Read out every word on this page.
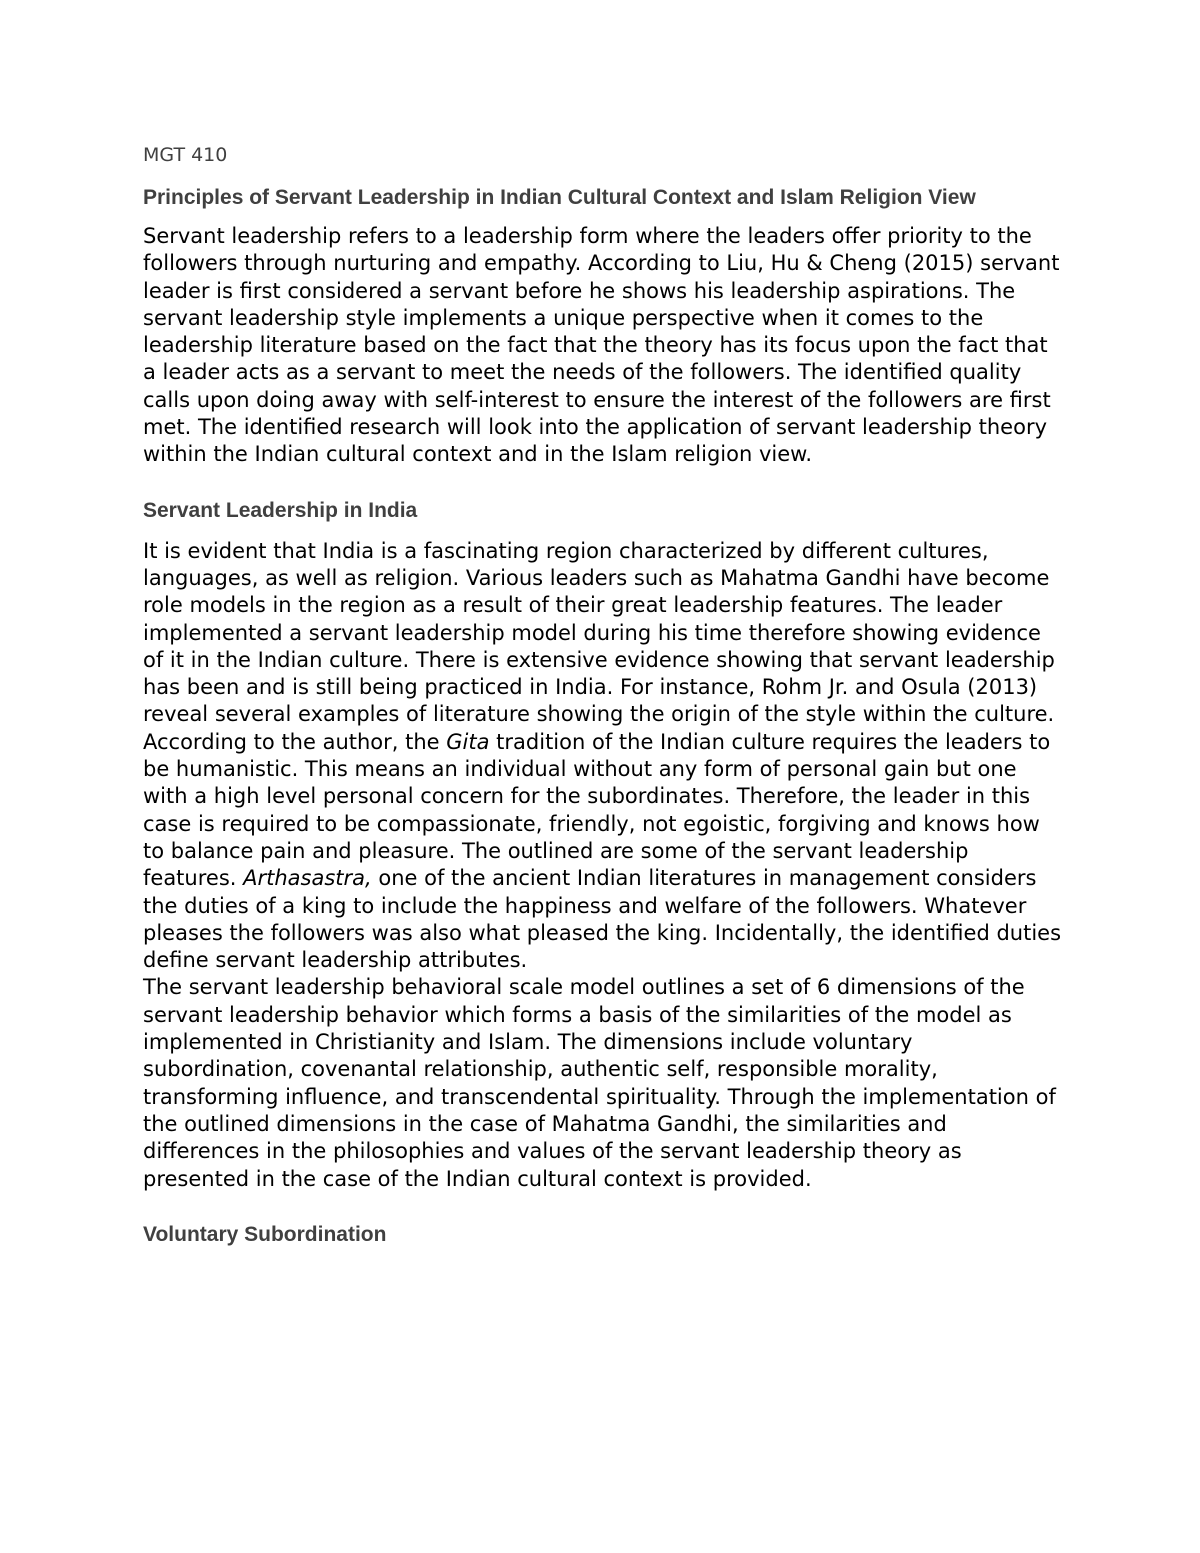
MGT 410

Principles of Servant Leadership in Indian Cultural Context and Islam Religion View

Servant leadership refers to a leadership form where the leaders offer priority to the followers through nurturing and empathy. According to Liu, Hu & Cheng (2015) servant leader is first considered a servant before he shows his leadership aspirations. The servant leadership style implements a unique perspective when it comes to the leadership literature based on the fact that the theory has its focus upon the fact that a leader acts as a servant to meet the needs of the followers. The identified quality calls upon doing away with self-interest to ensure the interest of the followers are first met. The identified research will look into the application of servant leadership theory within the Indian cultural context and in the Islam religion view.

Servant Leadership in India

It is evident that India is a fascinating region characterized by different cultures, languages, as well as religion. Various leaders such as Mahatma Gandhi have become role models in the region as a result of their great leadership features. The leader implemented a servant leadership model during his time therefore showing evidence of it in the Indian culture. There is extensive evidence showing that servant leadership has been and is still being practiced in India. For instance, Rohm Jr. and Osula (2013) reveal several examples of literature showing the origin of the style within the culture. According to the author, the Gita tradition of the Indian culture requires the leaders to be humanistic. This means an individual without any form of personal gain but one with a high level personal concern for the subordinates. Therefore, the leader in this case is required to be compassionate, friendly, not egoistic, forgiving and knows how to balance pain and pleasure. The outlined are some of the servant leadership features. Arthasastra, one of the ancient Indian literatures in management considers the duties of a king to include the happiness and welfare of the followers. Whatever pleases the followers was also what pleased the king. Incidentally, the identified duties define servant leadership attributes.

The servant leadership behavioral scale model outlines a set of 6 dimensions of the servant leadership behavior which forms a basis of the similarities of the model as implemented in Christianity and Islam. The dimensions include voluntary subordination, covenantal relationship, authentic self, responsible morality, transforming influence, and transcendental spirituality. Through the implementation of the outlined dimensions in the case of Mahatma Gandhi, the similarities and differences in the philosophies and values of the servant leadership theory as presented in the case of the Indian cultural context is provided.

Voluntary Subordination
